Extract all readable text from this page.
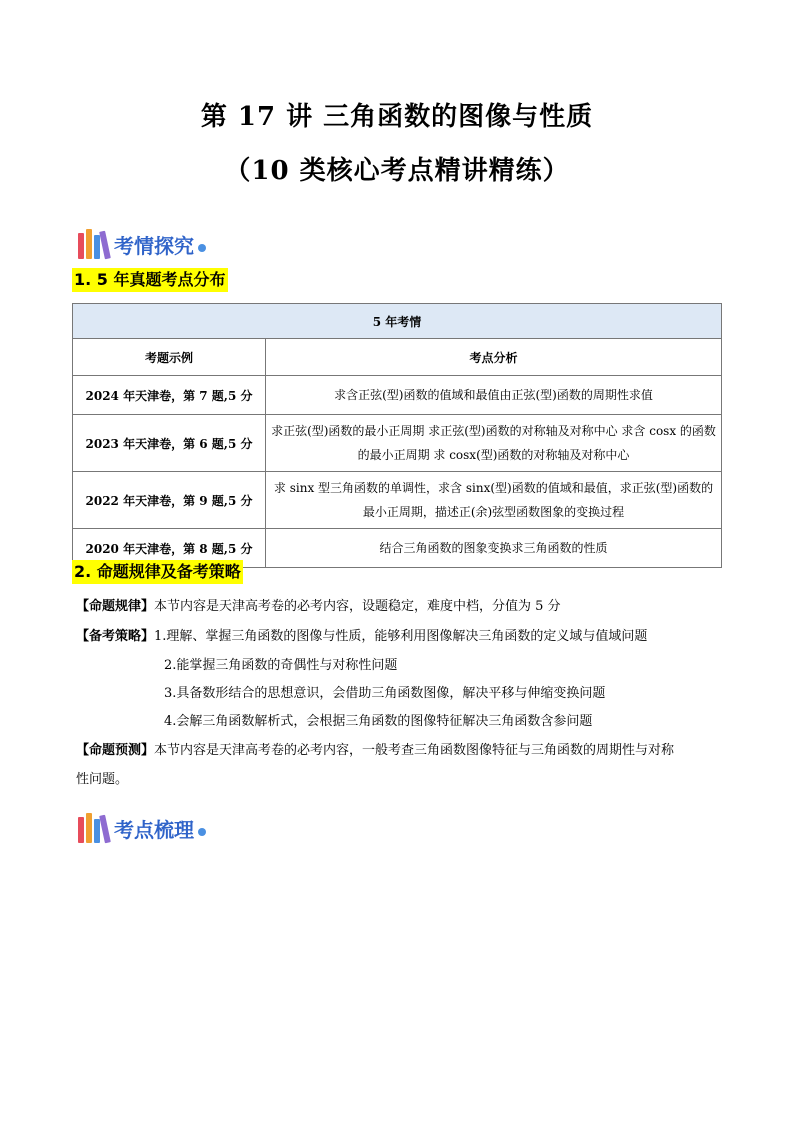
第 17 讲 三角函数的图像与性质
（10 类核心考点精讲精练）
考情探究
1. 5 年真题考点分布
5 年考情	
考题示例	考点分析
2024 年天津卷，第 7 题,5 分	求含正弦(型)函数的值域和最值由正弦(型)函数的周期性求值
2023 年天津卷，第 6 题,5 分	求正弦(型)函数的最小正周期 求正弦(型)函数的对称轴及对称中心 求含 cosx 的函数的最小正周期 求 cosx(型)函数的对称轴及对称中心
2022 年天津卷，第 9 题,5 分	求 sinx 型三角函数的单调性，求含 sinx(型)函数的值域和最值，求正弦(型)函数的最小正周期，描述正(余)弦型函数图象的变换过程
2020 年天津卷，第 8 题,5 分	结合三角函数的图象变换求三角函数的性质
2. 命题规律及备考策略
【命题规律】本节内容是天津高考卷的必考内容，设题稳定，难度中档，分值为 5 分
【备考策略】1.理解、掌握三角函数的图像与性质，能够利用图像解决三角函数的定义域与值域问题
2.能掌握三角函数的奇偶性与对称性问题
3.具备数形结合的思想意识，会借助三角函数图像，解决平移与伸缩变换问题
4.会解三角函数解析式，会根据三角函数的图像特征解决三角函数含参问题
【命题预测】本节内容是天津高考卷的必考内容，一般考查三角函数图像特征与三角函数的周期性与对称
性问题。
考点梳理
